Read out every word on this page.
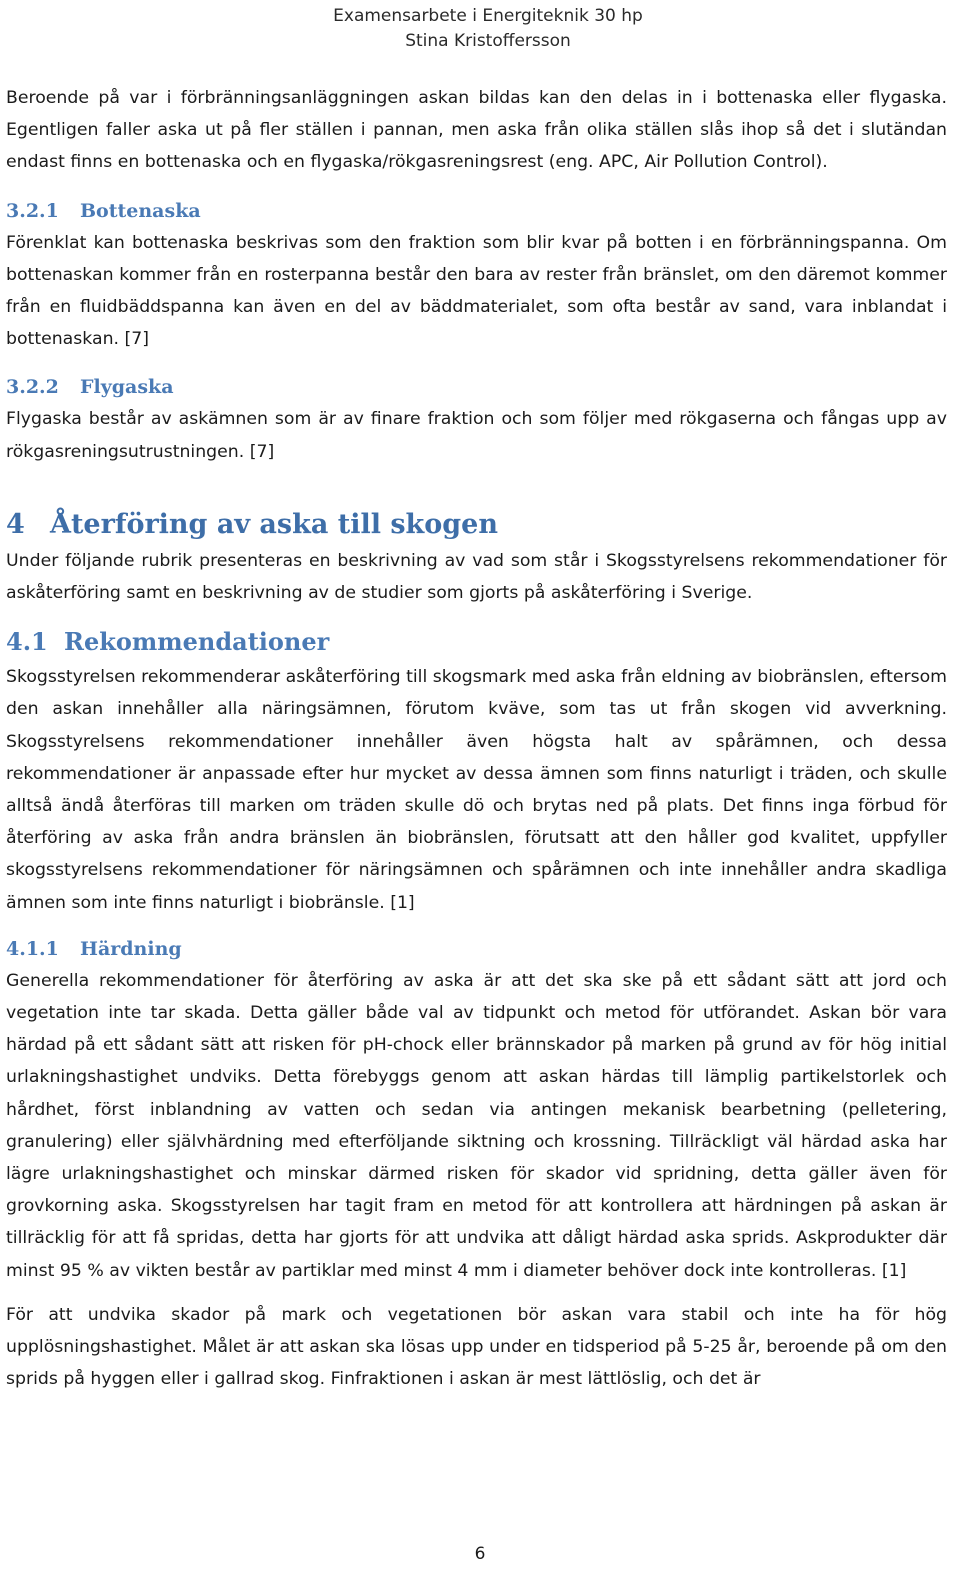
Examensarbete i Energiteknik 30 hp
Stina Kristoffersson

Beroende på var i förbränningsanläggningen askan bildas kan den delas in i bottenaska eller flygaska. Egentligen faller aska ut på fler ställen i pannan, men aska från olika ställen slås ihop så det i slutändan endast finns en bottenaska och en flygaska/rökgasreningsrest (eng. APC, Air Pollution Control).

3.2.1 Bottenaska

Förenklat kan bottenaska beskrivas som den fraktion som blir kvar på botten i en förbränningspanna. Om bottenaskan kommer från en rosterpanna består den bara av rester från bränslet, om den däremot kommer från en fluidbäddspanna kan även en del av bäddmaterialet, som ofta består av sand, vara inblandat i bottenaskan. [7]

3.2.2 Flygaska

Flygaska består av askämnen som är av finare fraktion och som följer med rökgaserna och fångas upp av rökgasreningsutrustningen. [7]

4 Återföring av aska till skogen

Under följande rubrik presenteras en beskrivning av vad som står i Skogsstyrelsens rekommendationer för askåterföring samt en beskrivning av de studier som gjorts på askåterföring i Sverige.

4.1 Rekommendationer

Skogsstyrelsen rekommenderar askåterföring till skogsmark med aska från eldning av biobränslen, eftersom den askan innehåller alla näringsämnen, förutom kväve, som tas ut från skogen vid avverkning. Skogsstyrelsens rekommendationer innehåller även högsta halt av spårämnen, och dessa rekommendationer är anpassade efter hur mycket av dessa ämnen som finns naturligt i träden, och skulle alltså ändå återföras till marken om träden skulle dö och brytas ned på plats. Det finns inga förbud för återföring av aska från andra bränslen än biobränslen, förutsatt att den håller god kvalitet, uppfyller skogsstyrelsens rekommendationer för näringsämnen och spårämnen och inte innehåller andra skadliga ämnen som inte finns naturligt i biobränsle. [1]

4.1.1 Härdning

Generella rekommendationer för återföring av aska är att det ska ske på ett sådant sätt att jord och vegetation inte tar skada. Detta gäller både val av tidpunkt och metod för utförandet. Askan bör vara härdad på ett sådant sätt att risken för pH-chock eller brännskador på marken på grund av för hög initial urlakningshastighet undviks. Detta förebyggs genom att askan härdas till lämplig partikelstorlek och hårdhet, först inblandning av vatten och sedan via antingen mekanisk bearbetning (pelletering, granulering) eller självhärdning med efterföljande siktning och krossning. Tillräckligt väl härdad aska har lägre urlakningshastighet och minskar därmed risken för skador vid spridning, detta gäller även för grovkorning aska. Skogsstyrelsen har tagit fram en metod för att kontrollera att härdningen på askan är tillräcklig för att få spridas, detta har gjorts för att undvika att dåligt härdad aska sprids. Askprodukter där minst 95 % av vikten består av partiklar med minst 4 mm i diameter behöver dock inte kontrolleras. [1]

För att undvika skador på mark och vegetationen bör askan vara stabil och inte ha för hög upplösningshastighet. Målet är att askan ska lösas upp under en tidsperiod på 5-25 år, beroende på om den sprids på hyggen eller i gallrad skog. Finfraktionen i askan är mest lättlöslig, och det är

6
